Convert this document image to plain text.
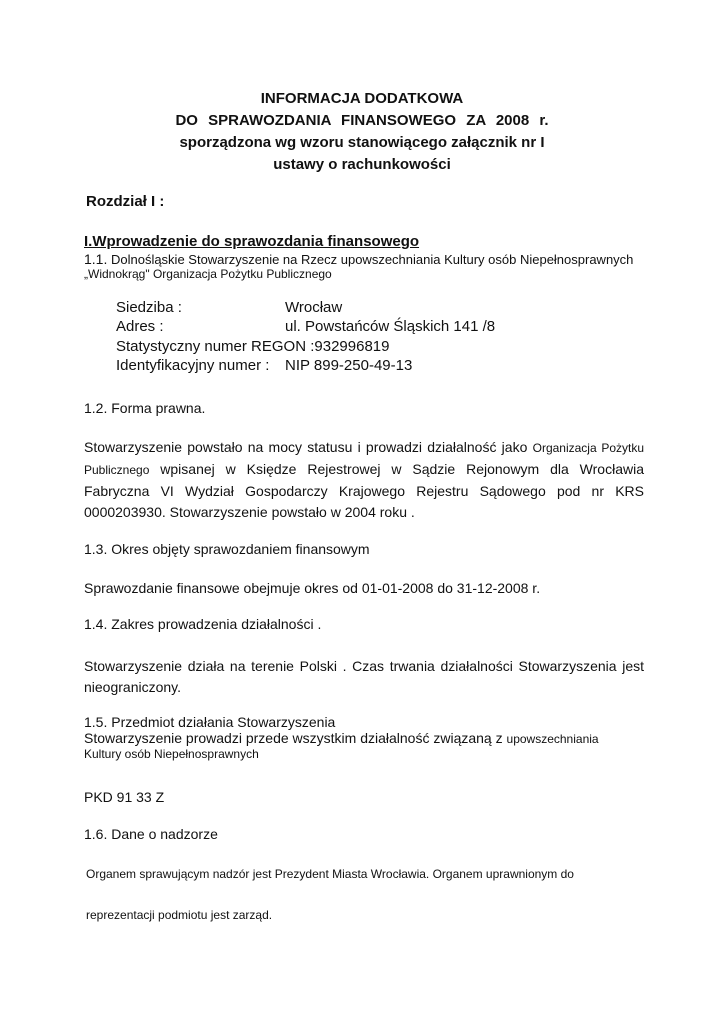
INFORMACJA DODATKOWA
DO SPRAWOZDANIA FINANSOWEGO ZA 2008 r.
sporządzona wg wzoru stanowiącego załącznik nr I
ustawy o rachunkowości
Rozdział I :
I.Wprowadzenie do sprawozdania finansowego
1.1. Dolnośląskie Stowarzyszenie na Rzecz upowszechniania Kultury osób Niepełnosprawnych
„Widnokrąg" Organizacja Pożytku Publicznego
Siedziba :	Wrocław
Adres :	ul. Powstańców Śląskich 141 /8
Statystyczny numer REGON :932996819
Identyfikacyjny numer : NIP 899-250-49-13
1.2. Forma prawna.
Stowarzyszenie powstało na mocy statusu i prowadzi działalność jako Organizacja Pożytku Publicznego wpisanej w Księdze Rejestrowej w Sądzie Rejonowym dla Wrocławia Fabryczna VI Wydział Gospodarczy Krajowego Rejestru Sądowego pod nr KRS 0000203930. Stowarzyszenie powstało w 2004 roku .
1.3. Okres objęty sprawozdaniem finansowym
Sprawozdanie finansowe obejmuje okres od 01-01-2008 do 31-12-2008 r.
1.4. Zakres prowadzenia działalności .
Stowarzyszenie działa na terenie Polski . Czas trwania działalności Stowarzyszenia jest nieograniczony.
1.5. Przedmiot działania Stowarzyszenia
Stowarzyszenie prowadzi przede wszystkim działalność związaną z upowszechniania
Kultury osób Niepełnosprawnych
PKD 91 33 Z
1.6. Dane o nadzorze
Organem sprawującym nadzór jest Prezydent Miasta Wrocławia. Organem uprawnionym do
reprezentacji podmiotu jest zarząd.
